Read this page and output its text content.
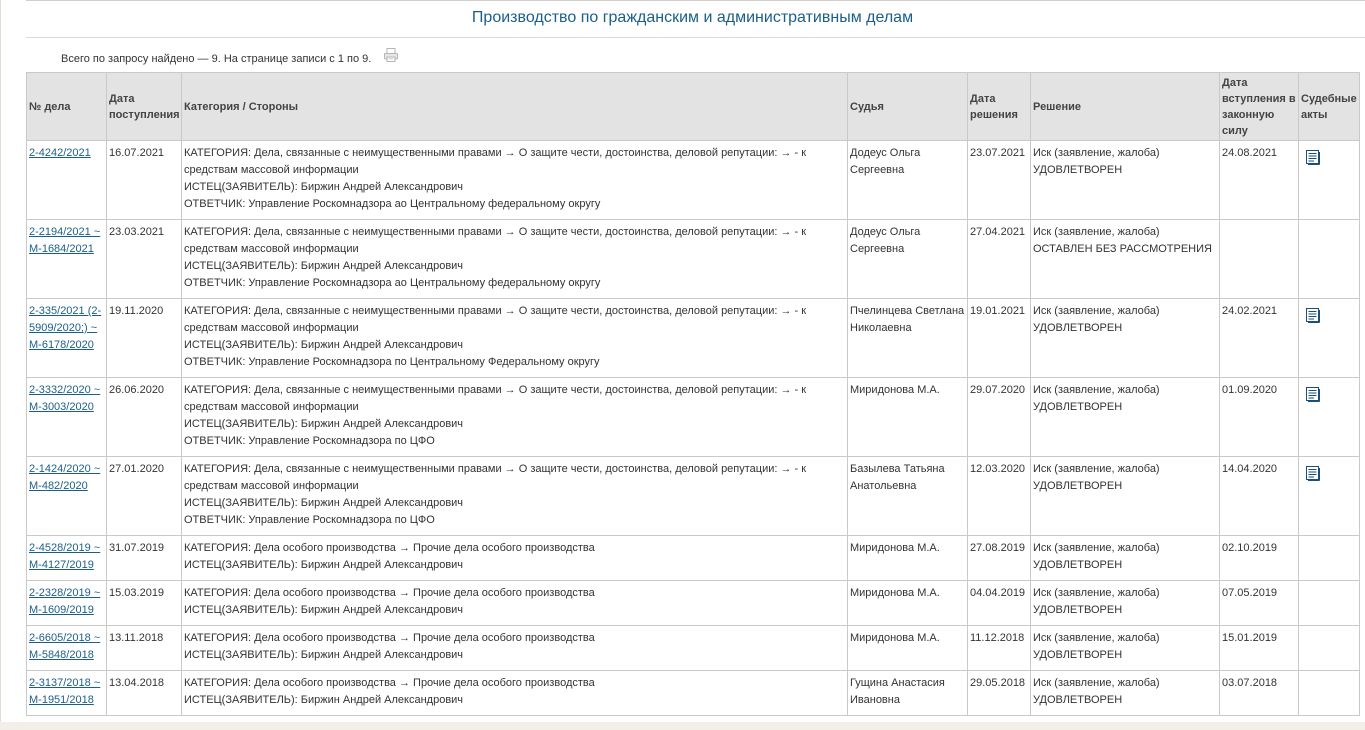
Производство по гражданским и административным делам
Всего по запросу найдено — 9. На странице записи с 1 по 9.
№ дела	Дата поступления	Категория / Стороны	Судья	Дата решения	Решение	Дата вступления в законную силу	Судебные акты
2-4242/2021	16.07.2021	КАТЕГОРИЯ: Дела, связанные с неимущественными правами → О защите чести, достоинства, деловой репутации: → - к средствам массовой информации
ИСТЕЦ(ЗАЯВИТЕЛЬ): Биржин Андрей Александрович
ОТВЕТЧИК: Управление Роскомнадзора ао Центральному федеральному округу	Додеус Ольга Сергеевна	23.07.2021	Иск (заявление, жалоба) УДОВЛЕТВОРЕН	24.08.2021	
2-2194/2021 ~ М-1684/2021	23.03.2021	КАТЕГОРИЯ: Дела, связанные с неимущественными правами → О защите чести, достоинства, деловой репутации: → - к средствам массовой информации
ИСТЕЦ(ЗАЯВИТЕЛЬ): Биржин Андрей Александрович
ОТВЕТЧИК: Управление Роскомнадзора ао Центральному федеральному округу	Додеус Ольга Сергеевна	27.04.2021	Иск (заявление, жалоба) ОСТАВЛЕН БЕЗ РАССМОТРЕНИЯ		
2-335/2021 (2-5909/2020;) ~ М-6178/2020	19.11.2020	КАТЕГОРИЯ: Дела, связанные с неимущественными правами → О защите чести, достоинства, деловой репутации: → - к средствам массовой информации
ИСТЕЦ(ЗАЯВИТЕЛЬ): Биржин Андрей Александрович
ОТВЕТЧИК: Управление Роскомнадзора по Центральному Федеральному округу	Пчелинцева Светлана Николаевна	19.01.2021	Иск (заявление, жалоба) УДОВЛЕТВОРЕН	24.02.2021	
2-3332/2020 ~ М-3003/2020	26.06.2020	КАТЕГОРИЯ: Дела, связанные с неимущественными правами → О защите чести, достоинства, деловой репутации: → - к средствам массовой информации
ИСТЕЦ(ЗАЯВИТЕЛЬ): Биржин Андрей Александрович
ОТВЕТЧИК: Управление Роскомнадзора по ЦФО	Миридонова М.А.	29.07.2020	Иск (заявление, жалоба) УДОВЛЕТВОРЕН	01.09.2020	
2-1424/2020 ~ М-482/2020	27.01.2020	КАТЕГОРИЯ: Дела, связанные с неимущественными правами → О защите чести, достоинства, деловой репутации: → - к средствам массовой информации
ИСТЕЦ(ЗАЯВИТЕЛЬ): Биржин Андрей Александрович
ОТВЕТЧИК: Управление Роскомнадзора по ЦФО	Базылева Татьяна Анатольевна	12.03.2020	Иск (заявление, жалоба) УДОВЛЕТВОРЕН	14.04.2020	
2-4528/2019 ~ М-4127/2019	31.07.2019	КАТЕГОРИЯ: Дела особого производства → Прочие дела особого производства
ИСТЕЦ(ЗАЯВИТЕЛЬ): Биржин Андрей Александрович	Миридонова М.А.	27.08.2019	Иск (заявление, жалоба) УДОВЛЕТВОРЕН	02.10.2019	
2-2328/2019 ~ М-1609/2019	15.03.2019	КАТЕГОРИЯ: Дела особого производства → Прочие дела особого производства
ИСТЕЦ(ЗАЯВИТЕЛЬ): Биржин Андрей Александрович	Миридонова М.А.	04.04.2019	Иск (заявление, жалоба) УДОВЛЕТВОРЕН	07.05.2019	
2-6605/2018 ~ М-5848/2018	13.11.2018	КАТЕГОРИЯ: Дела особого производства → Прочие дела особого производства
ИСТЕЦ(ЗАЯВИТЕЛЬ): Биржин Андрей Александрович	Миридонова М.А.	11.12.2018	Иск (заявление, жалоба) УДОВЛЕТВОРЕН	15.01.2019	
2-3137/2018 ~ М-1951/2018	13.04.2018	КАТЕГОРИЯ: Дела особого производства → Прочие дела особого производства
ИСТЕЦ(ЗАЯВИТЕЛЬ): Биржин Андрей Александрович	Гущина Анастасия Ивановна	29.05.2018	Иск (заявление, жалоба) УДОВЛЕТВОРЕН	03.07.2018	
